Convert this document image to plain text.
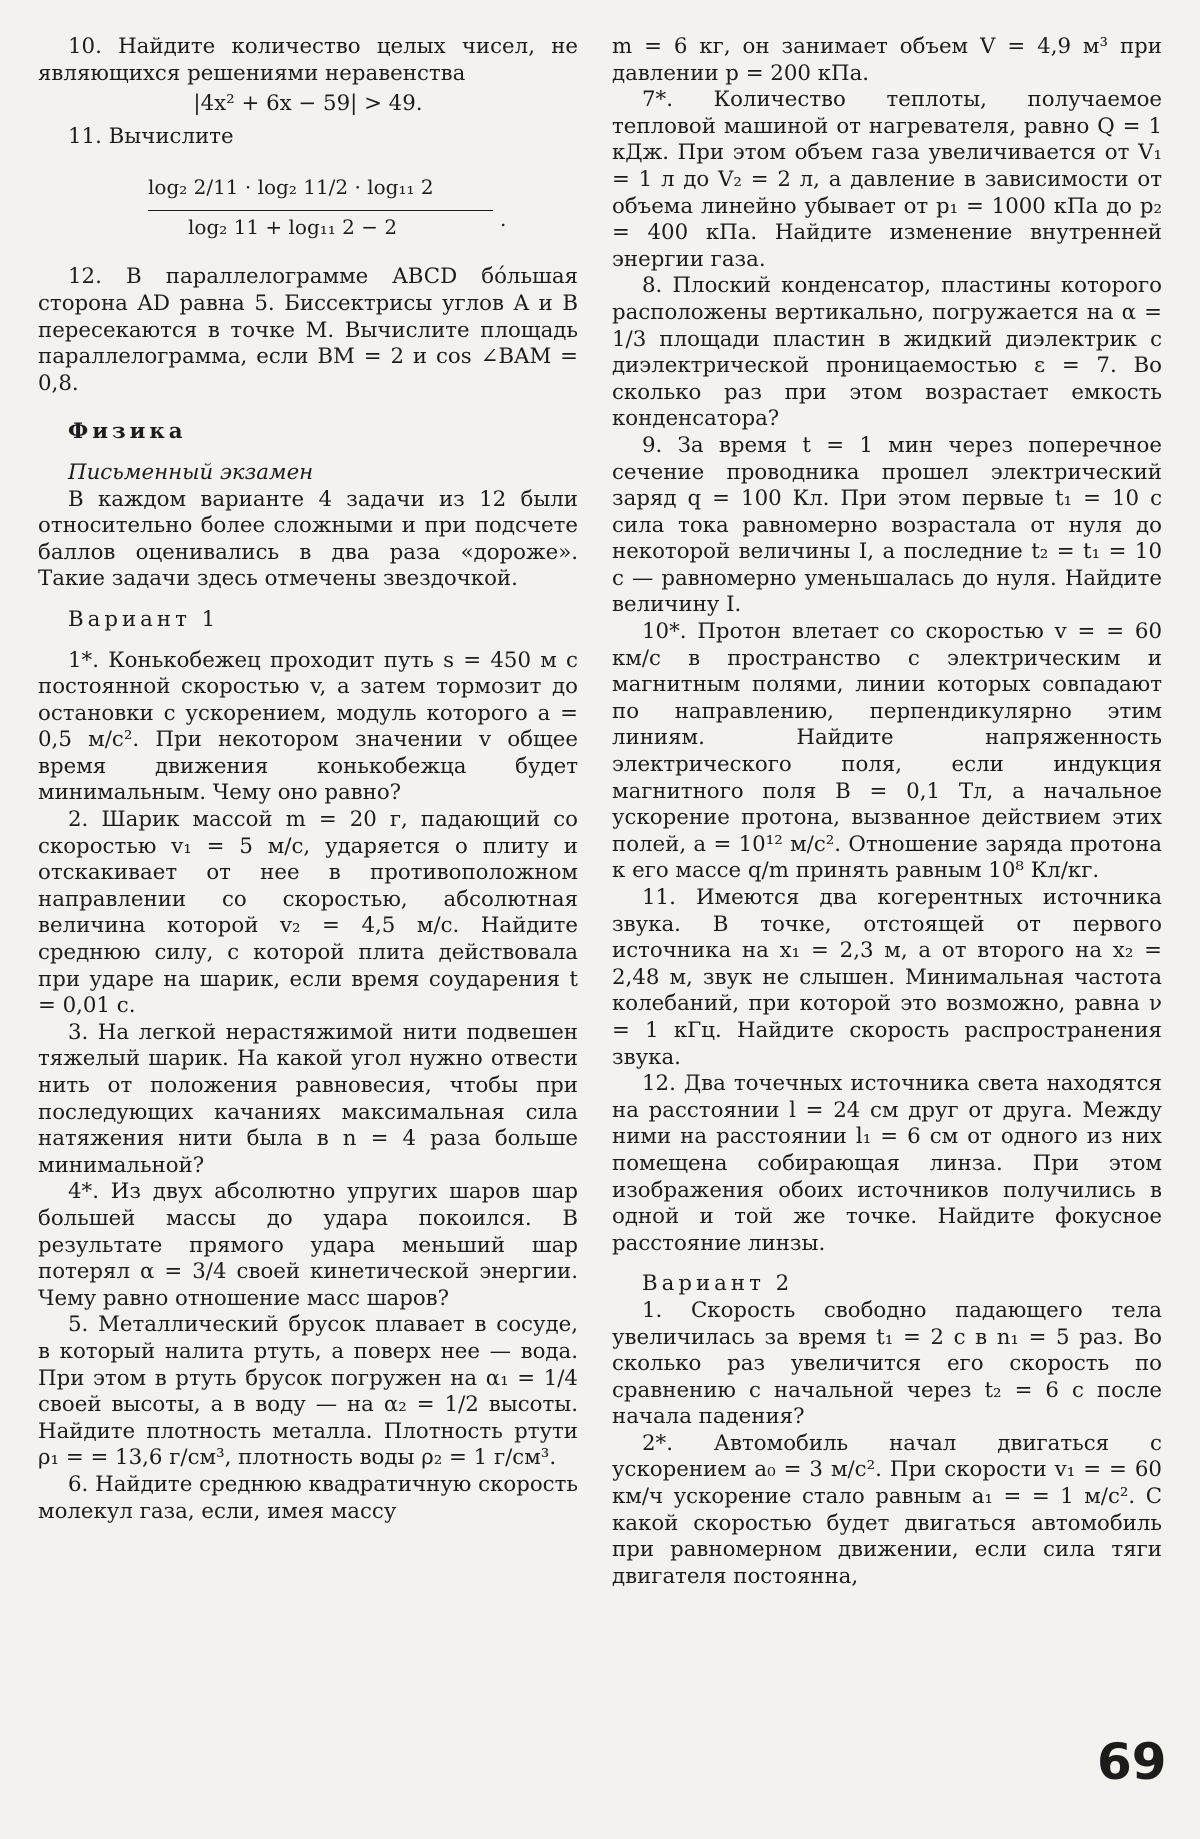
10. Найдите количество целых чисел, не являющихся решениями неравенства

|4x² + 6x − 59| > 49.

11. Вычислите

log₂ 2/11 · log₂ 11/2 · log₁₁ 2
log₂ 11 + log₁₁ 2 − 2	.

12. В параллелограмме ABCD бо́льшая сторона AD равна 5. Биссектрисы углов A и B пересекаются в точке M. Вычислите площадь параллелограмма, если BM = 2 и cos ∠BAM = 0,8.

Физика

Письменный экзамен

В каждом варианте 4 задачи из 12 были относительно более сложными и при подсчете баллов оценивались в два раза «дороже». Такие задачи здесь отмечены звездочкой.

Вариант 1

1*. Конькобежец проходит путь s = 450 м с постоянной скоростью v, а затем тормозит до остановки с ускорением, модуль которого a = 0,5 м/с². При некотором значении v общее время движения конькобежца будет минимальным. Чему оно равно?

2. Шарик массой m = 20 г, падающий со скоростью v₁ = 5 м/с, ударяется о плиту и отскакивает от нее в противоположном направлении со скоростью, абсолютная величина которой v₂ = 4,5 м/с. Найдите среднюю силу, с которой плита действовала при ударе на шарик, если время соударения t = 0,01 с.

3. На легкой нерастяжимой нити подвешен тяжелый шарик. На какой угол нужно отвести нить от положения равновесия, чтобы при последующих качаниях максимальная сила натяжения нити была в n = 4 раза больше минимальной?

4*. Из двух абсолютно упругих шаров шар большей массы до удара покоился. В результате прямого удара меньший шар потерял α = 3/4 своей кинетической энергии. Чему равно отношение масс шаров?

5. Металлический брусок плавает в сосуде, в который налита ртуть, а поверх нее — вода. При этом в ртуть брусок погружен на α₁ = 1/4 своей высоты, а в воду — на α₂ = 1/2 высоты. Найдите плотность металла. Плотность ртути ρ₁ = = 13,6 г/см³, плотность воды ρ₂ = 1 г/см³.

6. Найдите среднюю квадратичную скорость молекул газа, если, имея массу

m = 6 кг, он занимает объем V = 4,9 м³ при давлении p = 200 кПа.

7*. Количество теплоты, получаемое тепловой машиной от нагревателя, равно Q = 1 кДж. При этом объем газа увеличивается от V₁ = 1 л до V₂ = 2 л, а давление в зависимости от объема линейно убывает от p₁ = 1000 кПа до p₂ = 400 кПа. Найдите изменение внутренней энергии газа.

8. Плоский конденсатор, пластины которого расположены вертикально, погружается на α = 1/3 площади пластин в жидкий диэлектрик с диэлектрической проницаемостью ε = 7. Во сколько раз при этом возрастает емкость конденсатора?

9. За время t = 1 мин через поперечное сечение проводника прошел электрический заряд q = 100 Кл. При этом первые t₁ = 10 с сила тока равномерно возрастала от нуля до некоторой величины I, а последние t₂ = t₁ = 10 с — равномерно уменьшалась до нуля. Найдите величину I.

10*. Протон влетает со скоростью v = = 60 км/с в пространство с электрическим и магнитным полями, линии которых совпадают по направлению, перпендикулярно этим линиям. Найдите напряженность электрического поля, если индукция магнитного поля B = 0,1 Тл, а начальное ускорение протона, вызванное действием этих полей, a = 10¹² м/с². Отношение заряда протона к его массе q/m принять равным 10⁸ Кл/кг.

11. Имеются два когерентных источника звука. В точке, отстоящей от первого источника на x₁ = 2,3 м, а от второго на x₂ = 2,48 м, звук не слышен. Минимальная частота колебаний, при которой это возможно, равна ν = 1 кГц. Найдите скорость распространения звука.

12. Два точечных источника света находятся на расстоянии l = 24 см друг от друга. Между ними на расстоянии l₁ = 6 см от одного из них помещена собирающая линза. При этом изображения обоих источников получились в одной и той же точке. Найдите фокусное расстояние линзы.

Вариант 2

1. Скорость свободно падающего тела увеличилась за время t₁ = 2 с в n₁ = 5 раз. Во сколько раз увеличится его скорость по сравнению с начальной через t₂ = 6 с после начала падения?

2*. Автомобиль начал двигаться с ускорением a₀ = 3 м/с². При скорости v₁ = = 60 км/ч ускорение стало равным a₁ = = 1 м/с². С какой скоростью будет двигаться автомобиль при равномерном движении, если сила тяги двигателя постоянна,

69
